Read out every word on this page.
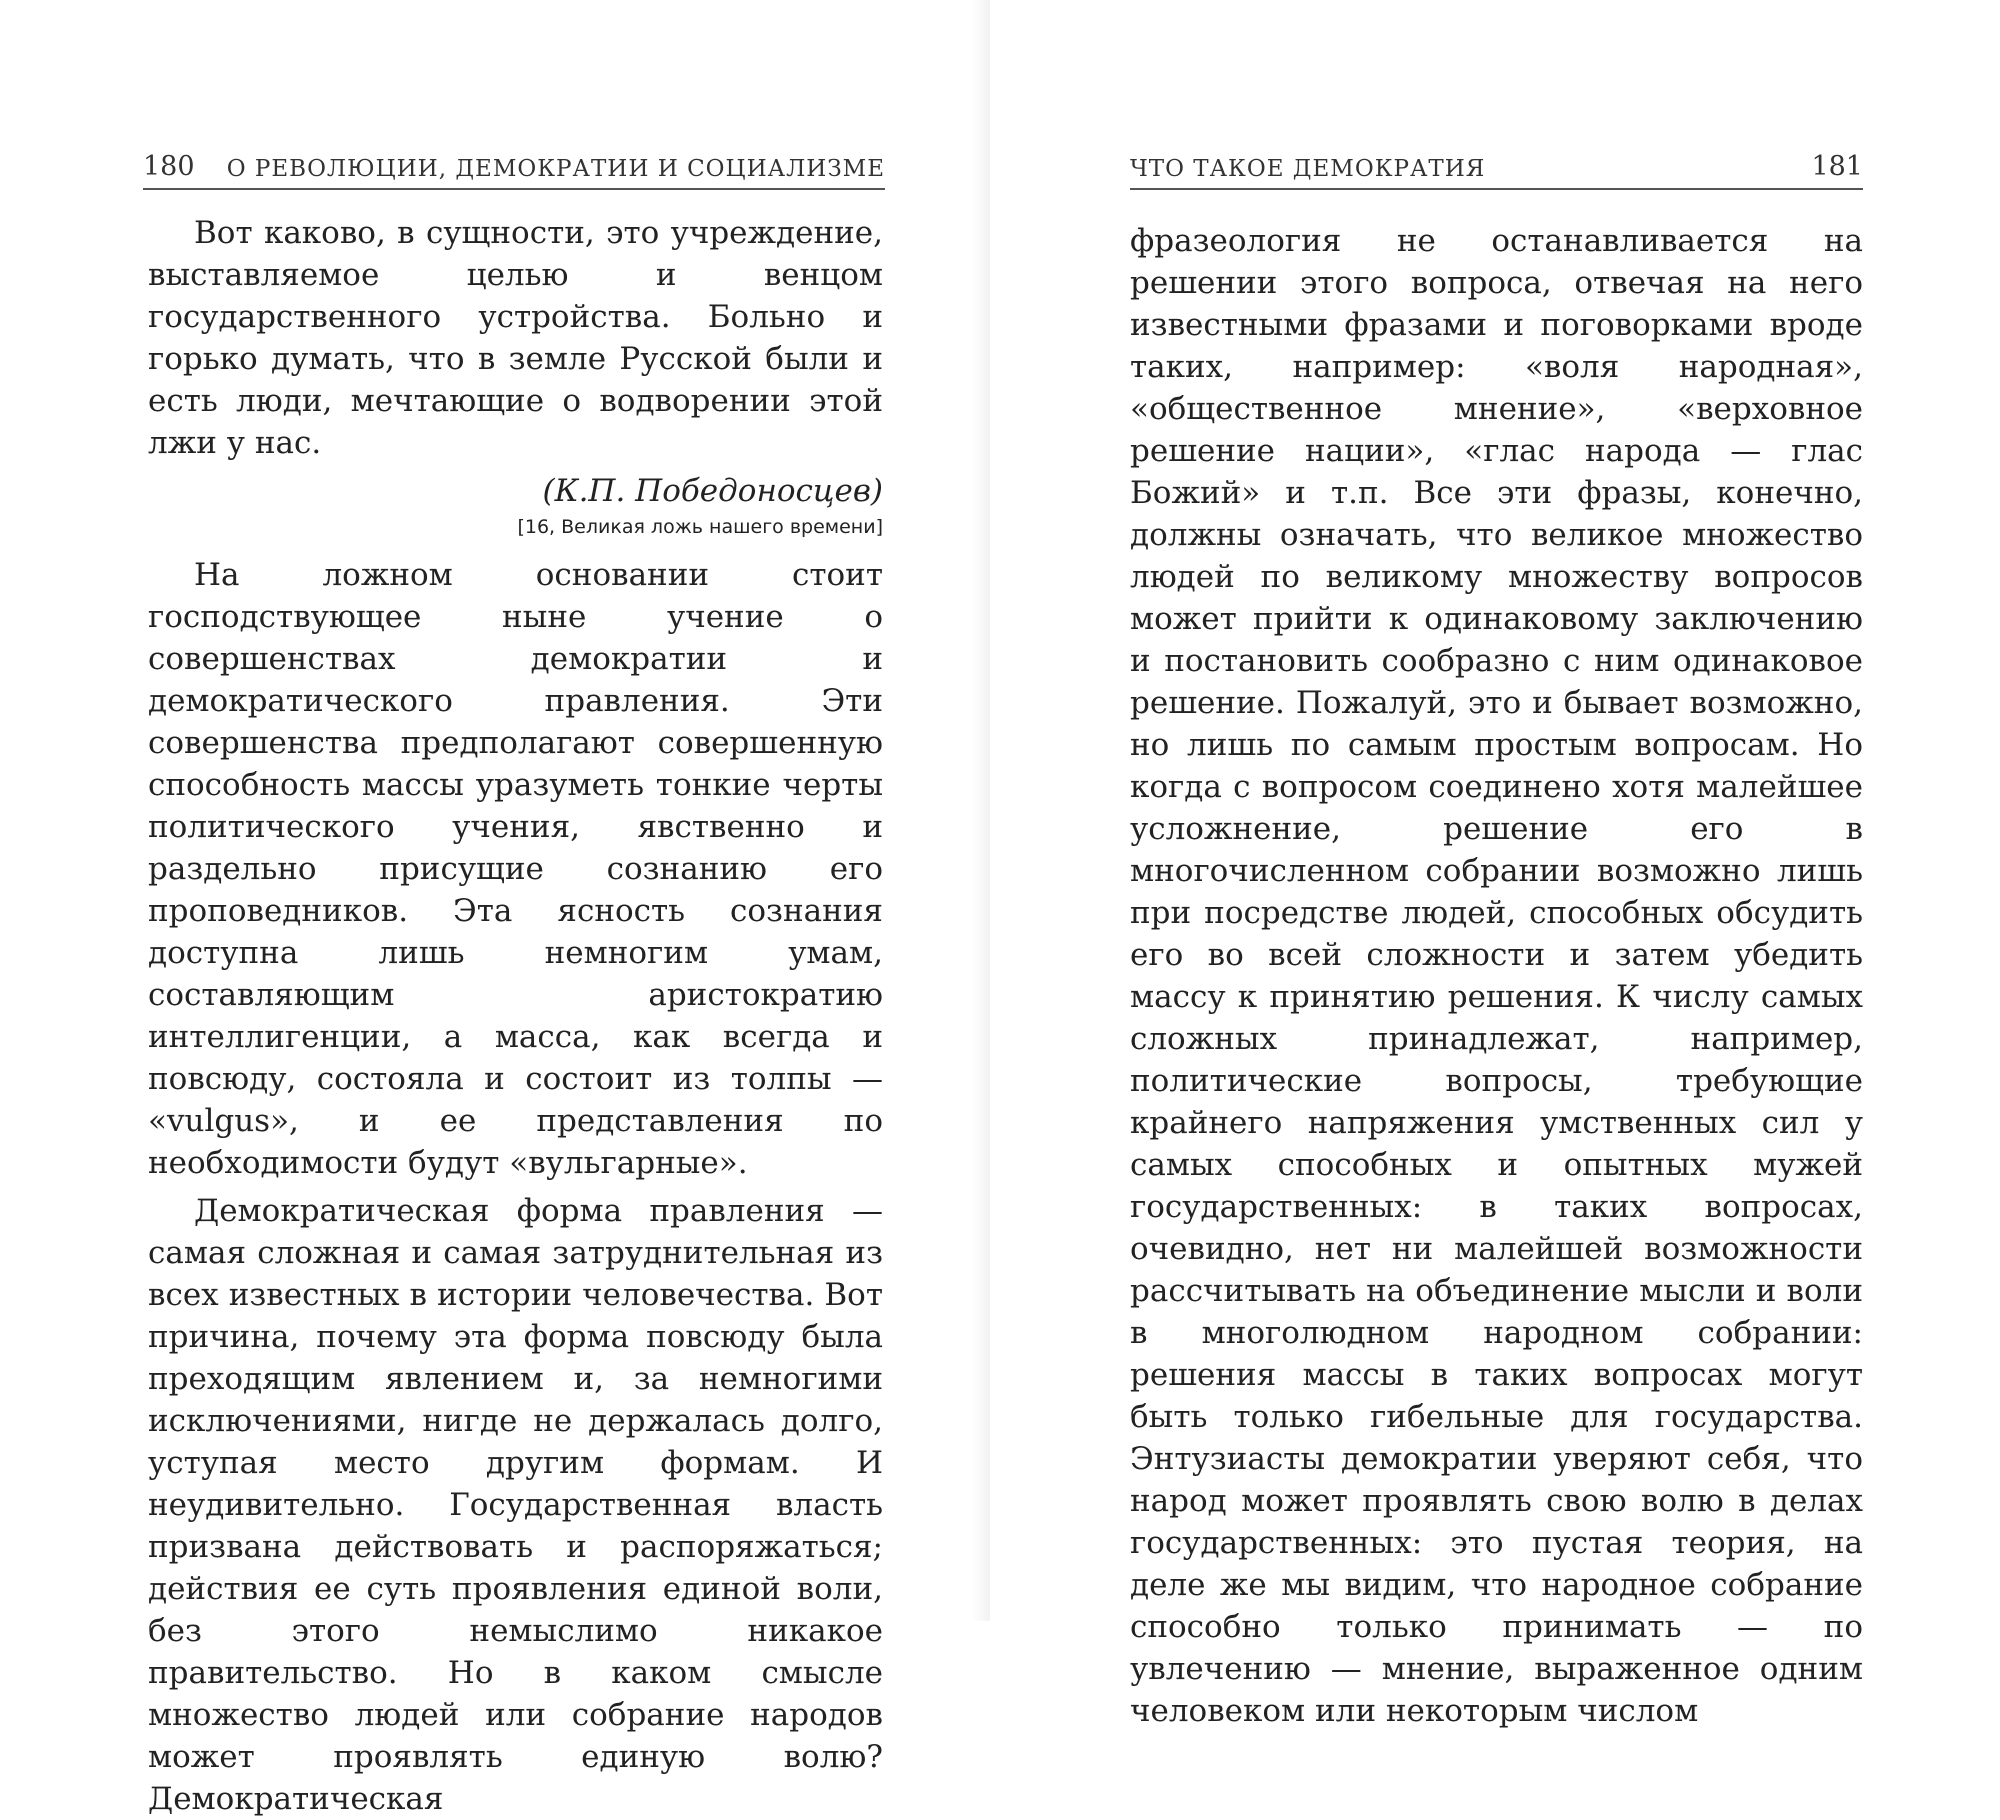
180 О РЕВОЛЮЦИИ, ДЕМОКРАТИИ И СОЦИАЛИЗМЕ

Вот каково, в сущности, это учреждение, выставляемое целью и венцом государственного устройства. Больно и горько думать, что в земле Русской были и есть люди, мечтающие о водворении этой лжи у нас.

(К.П. Победоносцев)

[16, Великая ложь нашего времени]

На ложном основании стоит господствующее ныне учение о совершенствах демократии и демократического правления. Эти совершенства предполагают совершенную способность массы уразуметь тонкие черты политического учения, явственно и раздельно присущие сознанию его проповедников. Эта ясность сознания доступна лишь немногим умам, составляющим аристократию интеллигенции, а масса, как всегда и повсюду, состояла и состоит из толпы — «vulgus», и ее представления по необходимости будут «вульгарные».

Демократическая форма правления — самая сложная и самая затруднительная из всех известных в истории человечества. Вот причина, почему эта форма повсюду была преходящим явлением и, за немногими исключениями, нигде не держалась долго, уступая место другим формам. И неудивительно. Государственная власть призвана действовать и распоряжаться; действия ее суть проявления единой воли, без этого немыслимо никакое правительство. Но в каком смысле множество людей или собрание народов может проявлять единую волю? Демократическая

ЧТО ТАКОЕ ДЕМОКРАТИЯ	181

фразеология не останавливается на решении этого вопроса, отвечая на него известными фразами и поговорками вроде таких, например: «воля народная», «общественное мнение», «верховное решение нации», «глас народа — глас Божий» и т.п. Все эти фразы, конечно, должны означать, что великое множество людей по великому множеству вопросов может прийти к одинаковому заключению и постановить сообразно с ним одинаковое решение. Пожалуй, это и бывает возможно, но лишь по самым простым вопросам. Но когда с вопросом соединено хотя малейшее усложнение, решение его в многочисленном собрании возможно лишь при посредстве людей, способных обсудить его во всей сложности и затем убедить массу к принятию решения. К числу самых сложных принадлежат, например, политические вопросы, требующие крайнего напряжения умственных сил у самых способных и опытных мужей государственных: в таких вопросах, очевидно, нет ни малейшей возможности рассчитывать на объединение мысли и воли в многолюдном народном собрании: решения массы в таких вопросах могут быть только гибельные для государства. Энтузиасты демократии уверяют себя, что народ может проявлять свою волю в делах государственных: это пустая теория, на деле же мы видим, что народное собрание способно только принимать — по увлечению — мнение, выраженное одним человеком или некоторым числом
